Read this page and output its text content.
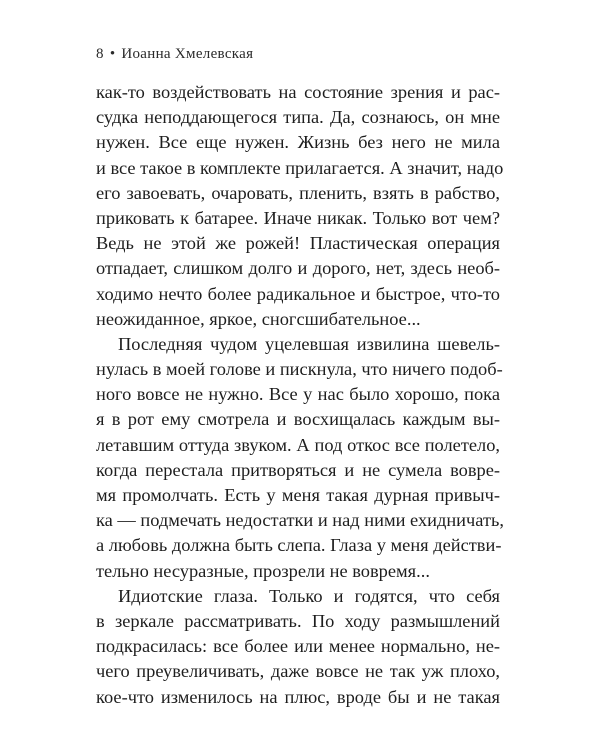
8 • Иоанна Хмелевская
как-то воздействовать на состояние зрения и рас-
судка неподдающегося типа. Да, сознаюсь, он мне
нужен. Все еще нужен. Жизнь без него не мила
и все такое в комплекте прилагается. А значит, надо
его завоевать, очаровать, пленить, взять в рабство,
приковать к батарее. Иначе никак. Только вот чем?
Ведь не этой же рожей! Пластическая операция
отпадает, слишком долго и дорого, нет, здесь необ-
ходимо нечто более радикальное и быстрое, что-то
неожиданное, яркое, сногсшибательное...
Последняя чудом уцелевшая извилина шевель-
нулась в моей голове и пискнула, что ничего подоб-
ного вовсе не нужно. Все у нас было хорошо, пока
я в рот ему смотрела и восхищалась каждым вы-
летавшим оттуда звуком. А под откос все полетело,
когда перестала притворяться и не сумела вовре-
мя промолчать. Есть у меня такая дурная привыч-
ка — подмечать недостатки и над ними ехидничать,
а любовь должна быть слепа. Глаза у меня действи-
тельно несуразные, прозрели не вовремя...
Идиотские глаза. Только и годятся, что себя
в зеркале рассматривать. По ходу размышлений
подкрасилась: все более или менее нормально, не-
чего преувеличивать, даже вовсе не так уж плохо,
кое-что изменилось на плюс, вроде бы и не такая
